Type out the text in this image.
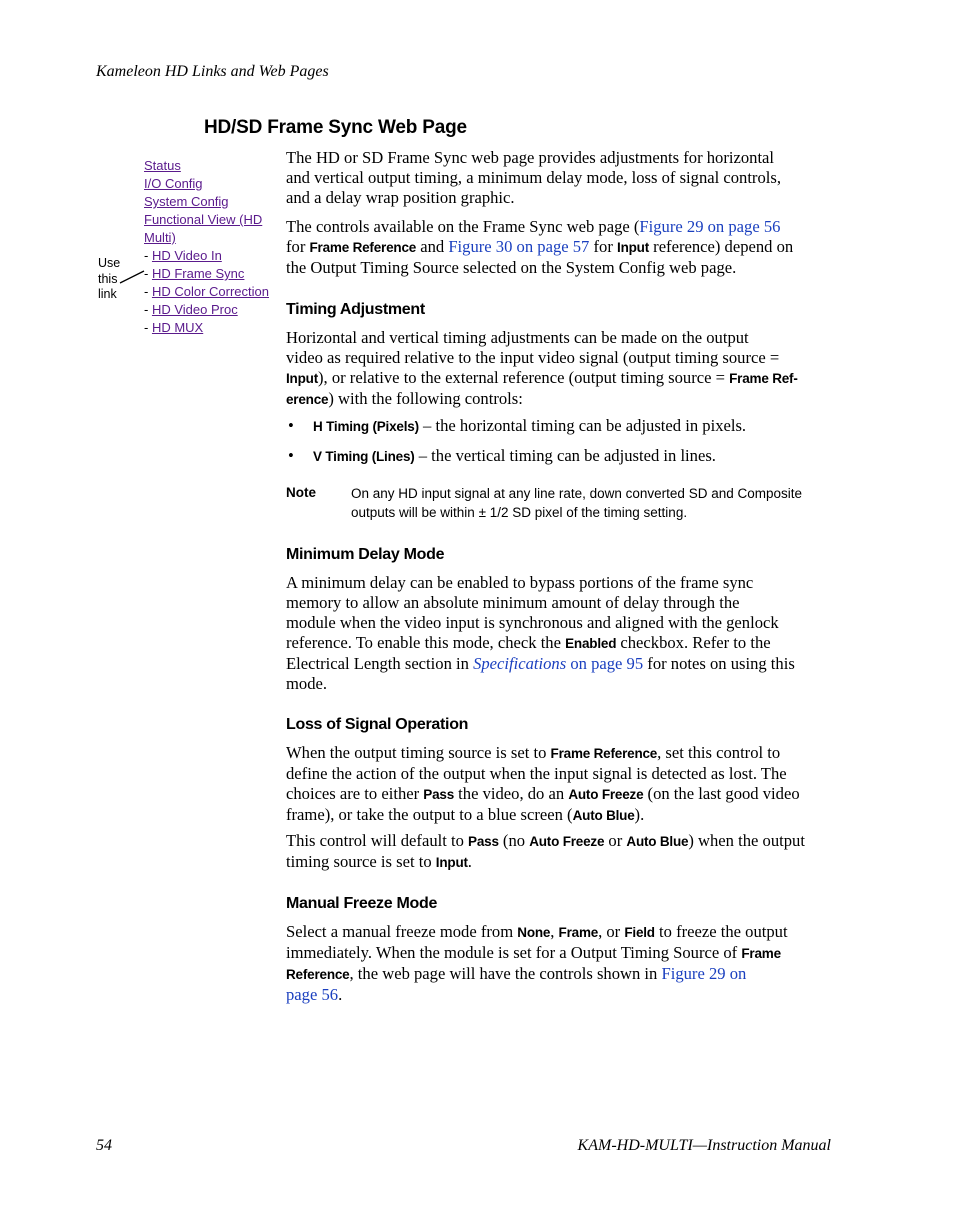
Kameleon HD Links and Web Pages
HD/SD Frame Sync Web Page
Status
I/O Config
System Config
Functional View (HD
Multi)
- HD Video In
- HD Frame Sync
- HD Color Correction
- HD Video Proc
- HD MUX
Use
this
link
The HD or SD Frame Sync web page provides adjustments for horizontal
and vertical output timing, a minimum delay mode, loss of signal controls,
and a delay wrap position graphic.
The controls available on the Frame Sync web page (Figure 29 on page 56
for Frame Reference and Figure 30 on page 57 for Input reference) depend on
the Output Timing Source selected on the System Config web page.
Timing Adjustment
Horizontal and vertical timing adjustments can be made on the output
video as required relative to the input video signal (output timing source =
Input), or relative to the external reference (output timing source = Frame Ref-
erence) with the following controls:
• H Timing (Pixels) – the horizontal timing can be adjusted in pixels.
• V Timing (Lines) – the vertical timing can be adjusted in lines.
Note	On any HD input signal at any line rate, down converted SD and Composite
outputs will be within ± 1/2 SD pixel of the timing setting.
Minimum Delay Mode
A minimum delay can be enabled to bypass portions of the frame sync
memory to allow an absolute minimum amount of delay through the
module when the video input is synchronous and aligned with the genlock
reference. To enable this mode, check the Enabled checkbox. Refer to the
Electrical Length section in Specifications on page 95 for notes on using this
mode.
Loss of Signal Operation
When the output timing source is set to Frame Reference, set this control to
define the action of the output when the input signal is detected as lost. The
choices are to either Pass the video, do an Auto Freeze (on the last good video
frame), or take the output to a blue screen (Auto Blue).
This control will default to Pass (no Auto Freeze or Auto Blue) when the output
timing source is set to Input.
Manual Freeze Mode
Select a manual freeze mode from None, Frame, or Field to freeze the output
immediately. When the module is set for a Output Timing Source of Frame
Reference, the web page will have the controls shown in Figure 29 on
page 56.
54	KAM-HD-MULTI—Instruction Manual
